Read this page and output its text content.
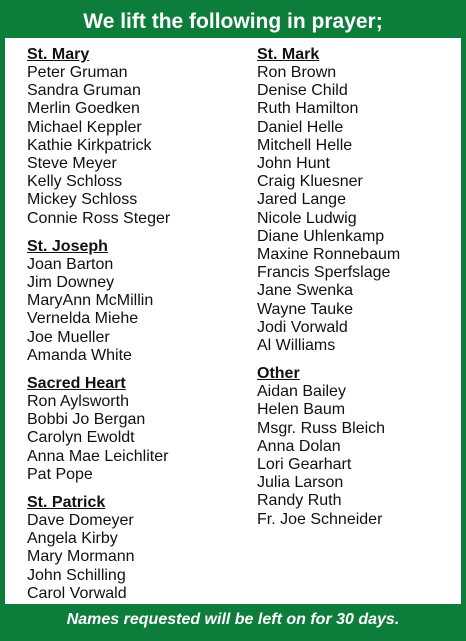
We lift the following in prayer;
St. Mary
Peter Gruman
Sandra Gruman
Merlin Goedken
Michael Keppler
Kathie Kirkpatrick
Steve Meyer
Kelly Schloss
Mickey Schloss
Connie Ross Steger
St. Joseph
Joan Barton
Jim Downey
MaryAnn McMillin
Vernelda Miehe
Joe Mueller
Amanda White
Sacred Heart
Ron Aylsworth
Bobbi Jo Bergan
Carolyn Ewoldt
Anna Mae Leichliter
Pat Pope
St. Patrick
Dave Domeyer
Angela Kirby
Mary Mormann
John Schilling
Carol Vorwald
St. Mark
Ron Brown
Denise Child
Ruth Hamilton
Daniel Helle
Mitchell Helle
John Hunt
Craig Kluesner
Jared Lange
Nicole Ludwig
Diane Uhlenkamp
Maxine Ronnebaum
Francis Sperfslage
Jane Swenka
Wayne Tauke
Jodi Vorwald
Al Williams
Other
Aidan Bailey
Helen Baum
Msgr. Russ Bleich
Anna Dolan
Lori Gearhart
Julia Larson
Randy Ruth
Fr. Joe Schneider
Names requested will be left on for 30 days.
